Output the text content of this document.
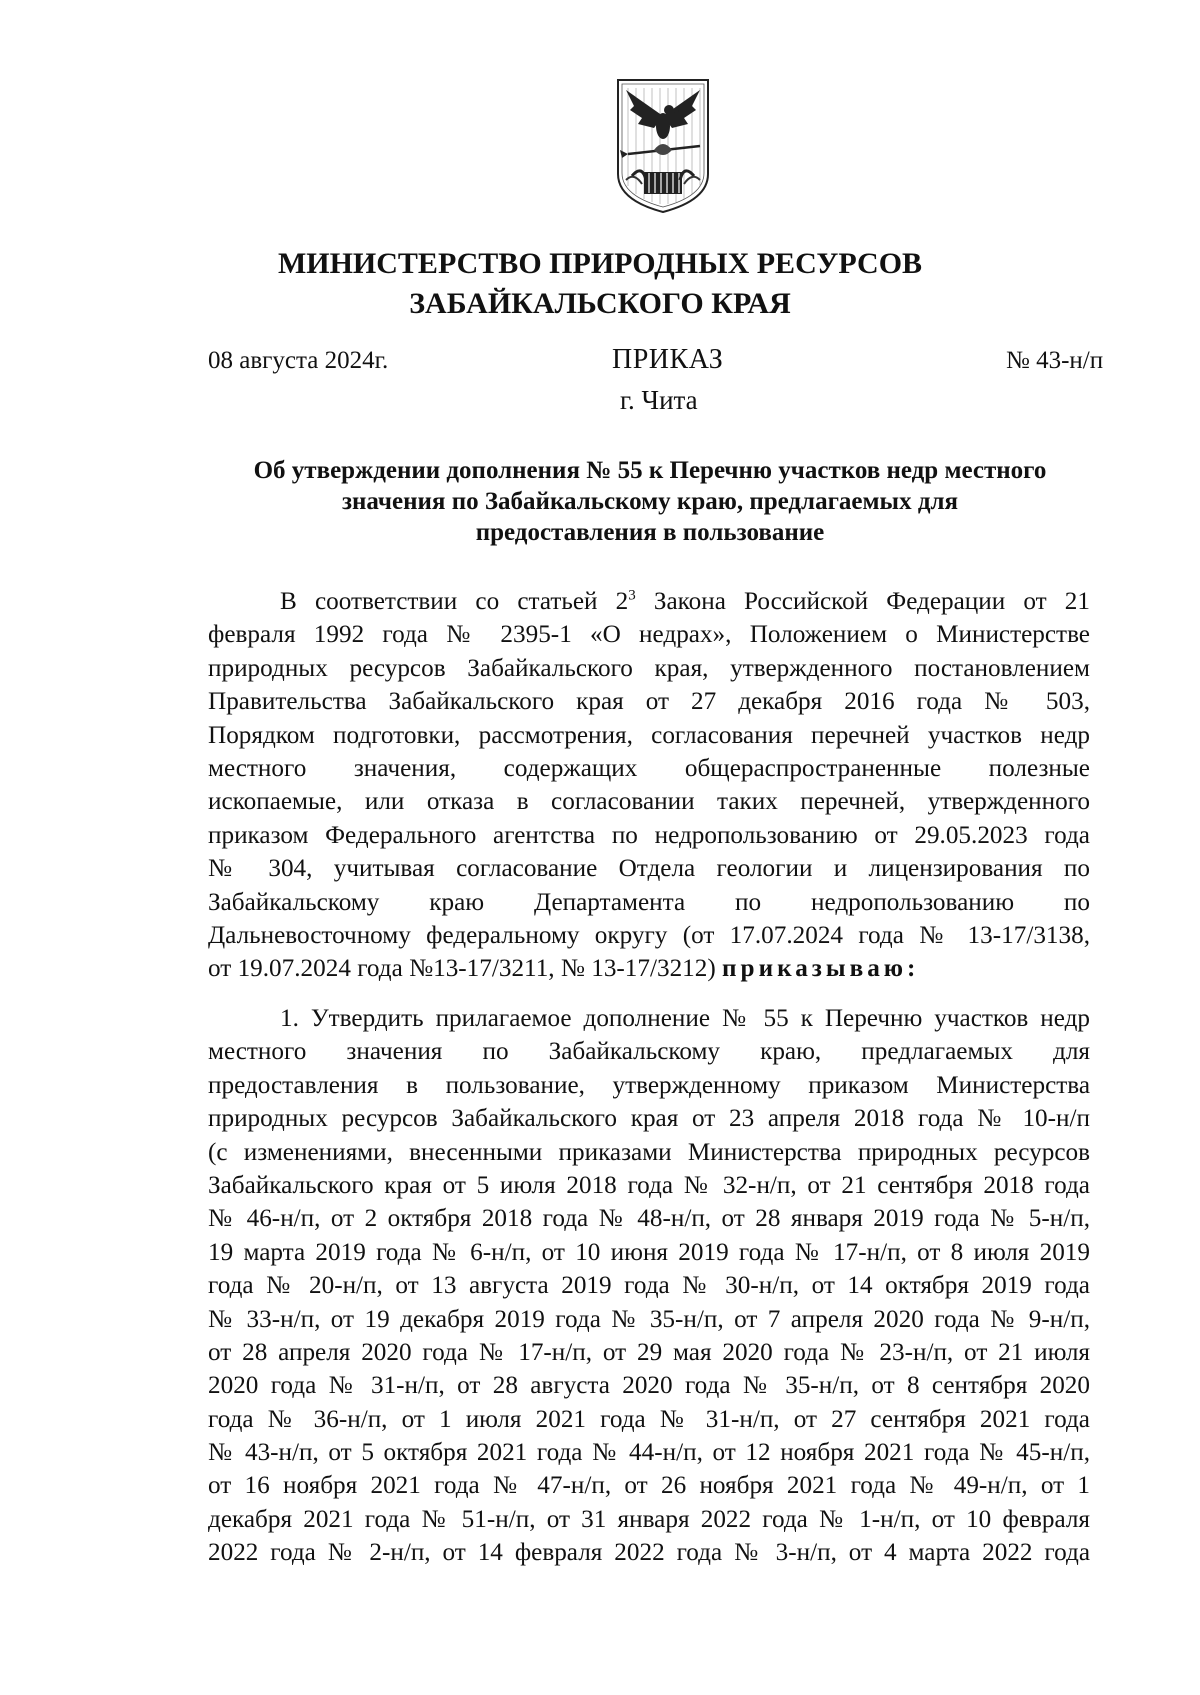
МИНИСТЕРСТВО ПРИРОДНЫХ РЕСУРСОВ
ЗАБАЙКАЛЬСКОГО КРАЯ
08 августа 2024г.	ПРИКАЗ
г. Чита
№ 43-н/п
Об утверждении дополнения № 55 к Перечню участков недр местного
значения по Забайкальскому краю, предлагаемых для
предоставления в пользование
В соответствии со статьей $2^3$ Закона Российской Федерации от 21
февраля 1992 года № 2395-1 «О недрах», Положением о Министерстве
природных ресурсов Забайкальского края, утвержденного постановлением
Правительства Забайкальского края от 27 декабря 2016 года № 503,
Порядком подготовки, рассмотрения, согласования перечней участков недр
местного значения, содержащих общераспространенные полезные
ископаемые, или отказа в согласовании таких перечней, утвержденного
приказом Федерального агентства по недропользованию от 29.05.2023 года
№ 304, учитывая согласование Отдела геологии и лицензирования по
Забайкальскому краю Департамента по недропользованию по
Дальневосточному федеральному округу (от 17.07.2024 года № 13-17/3138,
от 19.07.2024 года №13-17/3211, № 13-17/3212) приказываю:
1. Утвердить прилагаемое дополнение № 55 к Перечню участков недр
местного значения по Забайкальскому краю, предлагаемых для
предоставления в пользование, утвержденному приказом Министерства
природных ресурсов Забайкальского края от 23 апреля 2018 года № 10-н/п
(с изменениями, внесенными приказами Министерства природных ресурсов
Забайкальского края от 5 июля 2018 года № 32-н/п, от 21 сентября 2018 года
№ 46-н/п, от 2 октября 2018 года № 48-н/п, от 28 января 2019 года № 5-н/п,
19 марта 2019 года № 6-н/п, от 10 июня 2019 года № 17-н/п, от 8 июля 2019
года № 20-н/п, от 13 августа 2019 года № 30-н/п, от 14 октября 2019 года
№ 33-н/п, от 19 декабря 2019 года № 35-н/п, от 7 апреля 2020 года № 9-н/п,
от 28 апреля 2020 года № 17-н/п, от 29 мая 2020 года № 23-н/п, от 21 июля
2020 года № 31-н/п, от 28 августа 2020 года № 35-н/п, от 8 сентября 2020
года № 36-н/п, от 1 июля 2021 года № 31-н/п, от 27 сентября 2021 года
№ 43-н/п, от 5 октября 2021 года № 44-н/п, от 12 ноября 2021 года № 45-н/п,
от 16 ноября 2021 года № 47-н/п, от 26 ноября 2021 года № 49-н/п, от 1
декабря 2021 года № 51-н/п, от 31 января 2022 года № 1-н/п, от 10 февраля
2022 года № 2-н/п, от 14 февраля 2022 года № 3-н/п, от 4 марта 2022 года
